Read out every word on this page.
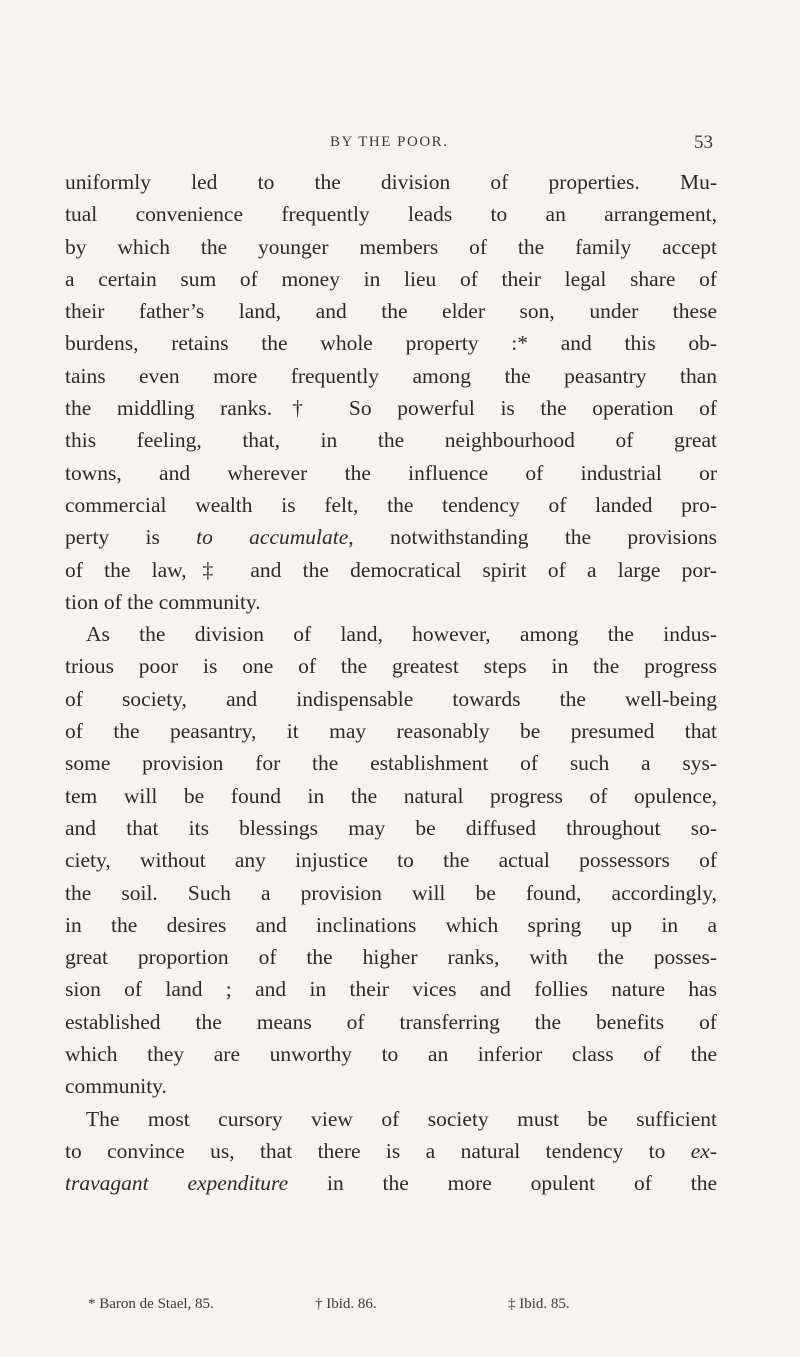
BY THE POOR.	53
uniformly led to the division of properties. Mu-
tual convenience frequently leads to an arrangement,
by which the younger members of the family accept
a certain sum of money in lieu of their legal share of
their father’s land, and the elder son, under these
burdens, retains the whole property :* and this ob-
tains even more frequently among the peasantry than
the middling ranks.† So powerful is the operation of
this feeling, that, in the neighbourhood of great
towns, and wherever the influence of industrial or
commercial wealth is felt, the tendency of landed pro-
perty is to accumulate, notwithstanding the provisions
of the law,‡ and the democratical spirit of a large por-
tion of the community.
As the division of land, however, among the indus-
trious poor is one of the greatest steps in the progress
of society, and indispensable towards the well-being
of the peasantry, it may reasonably be presumed that
some provision for the establishment of such a sys-
tem will be found in the natural progress of opulence,
and that its blessings may be diffused throughout so-
ciety, without any injustice to the actual possessors of
the soil. Such a provision will be found, accordingly,
in the desires and inclinations which spring up in a
great proportion of the higher ranks, with the posses-
sion of land ; and in their vices and follies nature has
established the means of transferring the benefits of
which they are unworthy to an inferior class of the
community.
The most cursory view of society must be sufficient
to convince us, that there is a natural tendency to ex-
travagant expenditure in the more opulent of the
* Baron de Stael, 85.	† Ibid. 86.	‡ Ibid. 85.
